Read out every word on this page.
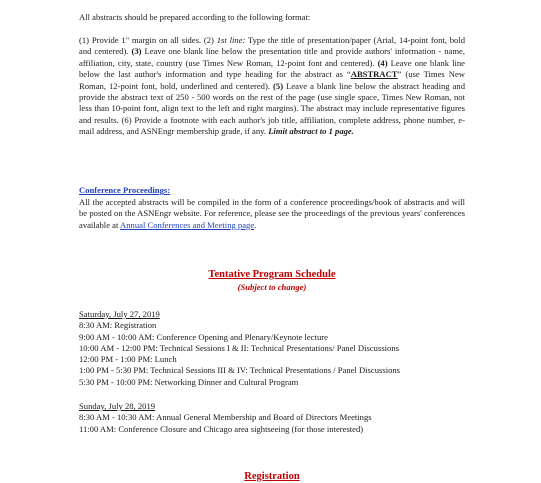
All abstracts should be prepared according to the following format:

(1) Provide 1" margin on all sides. (2) 1st line: Type the title of presentation/paper (Arial, 14-point font, bold and centered). (3) Leave one blank line below the presentation title and provide authors' information - name, affiliation, city, state, country (use Times New Roman, 12-point font and centered). (4) Leave one blank line below the last author's information and type heading for the abstract as “ABSTRACT” (use Times New Roman, 12-point font, bold, underlined and centered). (5) Leave a blank line below the abstract heading and provide the abstract text of 250 - 500 words on the rest of the page (use single space, Times New Roman, not less than 10-point font, align text to the left and right margins). The abstract may include representative figures and results. (6) Provide a footnote with each author's job title, affiliation, complete address, phone number, e-mail address, and ASNEngr membership grade, if any. Limit abstract to 1 page.

Conference Proceedings:

All the accepted abstracts will be compiled in the form of a conference proceedings/book of abstracts and will be posted on the ASNEngr website. For reference, please see the proceedings of the previous years' conferences available at Annual Conferences and Meeting page.

Tentative Program Schedule
(Subject to change)
Saturday, July 27, 2019
8:30 AM: Registration
9:00 AM - 10:00 AM: Conference Opening and Plenary/Keynote lecture
10:00 AM - 12:00 PM: Technical Sessions I & II: Technical Presentations/ Panel Discussions
12:00 PM - 1:00 PM: Lunch
1:00 PM - 5:30 PM: Technical Sessions III & IV: Technical Presentations / Panel Discussions
5:30 PM - 10:00 PM: Networking Dinner and Cultural Program
Sunday, July 28, 2019
8:30 AM - 10:30 AM: Annual General Membership and Board of Directors Meetings
11:00 AM: Conference Closure and Chicago area sightseeing (for those interested)
Registration
